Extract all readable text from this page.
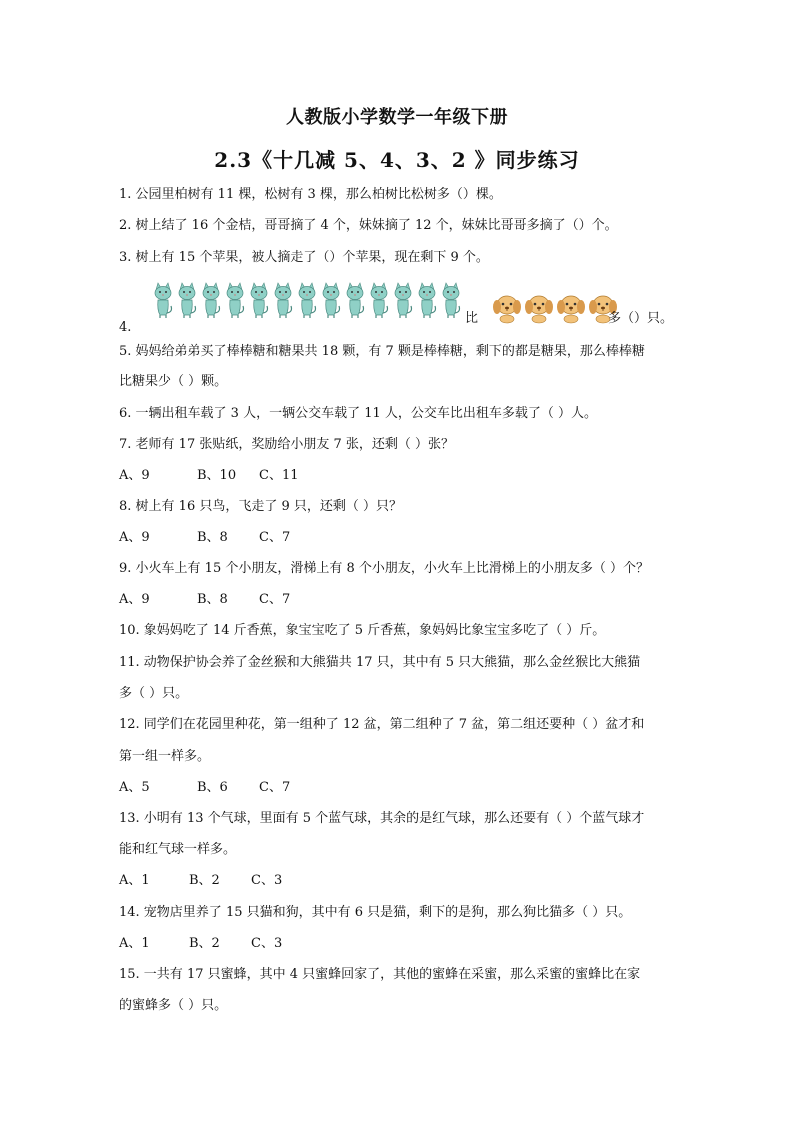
人教版小学数学一年级下册
2.3《十几减 5、4、3、2 》同步练习
1. 公园里柏树有 11 棵，松树有 3 棵，那么柏树比松树多（）棵。
2. 树上结了 16 个金桔，哥哥摘了 4 个，妹妹摘了 12 个，妹妹比哥哥多摘了（）个。
3. 树上有 15 个苹果，被人摘走了（）个苹果，现在剩下 9 个。
4.
比	多（）只。
5. 妈妈给弟弟买了棒棒糖和糖果共 18 颗，有 7 颗是棒棒糖，剩下的都是糖果，那么棒棒糖
比糖果少（ ）颗。
6. 一辆出租车载了 3 人，一辆公交车载了 11 人，公交车比出租车多载了（ ）人。
7. 老师有 17 张贴纸，奖励给小朋友 7 张，还剩（ ）张？
A、9	B、10 C、11
8. 树上有 16 只鸟，飞走了 9 只，还剩（ ）只？
A、9	B、8 C、7
9. 小火车上有 15 个小朋友，滑梯上有 8 个小朋友，小火车上比滑梯上的小朋友多（ ）个？
A、9	B、8 C、7
10. 象妈妈吃了 14 斤香蕉，象宝宝吃了 5 斤香蕉，象妈妈比象宝宝多吃了（ ）斤。
11. 动物保护协会养了金丝猴和大熊猫共 17 只，其中有 5 只大熊猫，那么金丝猴比大熊猫
多（ ）只。
12. 同学们在花园里种花，第一组种了 12 盆，第二组种了 7 盆，第二组还要种（ ）盆才和
第一组一样多。
A、5	B、6 C、7
13. 小明有 13 个气球，里面有 5 个蓝气球，其余的是红气球，那么还要有（ ）个蓝气球才
能和红气球一样多。
A、1	B、2 C、3
14. 宠物店里养了 15 只猫和狗，其中有 6 只是猫，剩下的是狗，那么狗比猫多（ ）只。
A、1	B、2 C、3
15. 一共有 17 只蜜蜂，其中 4 只蜜蜂回家了，其他的蜜蜂在采蜜，那么采蜜的蜜蜂比在家
的蜜蜂多（ ）只。
